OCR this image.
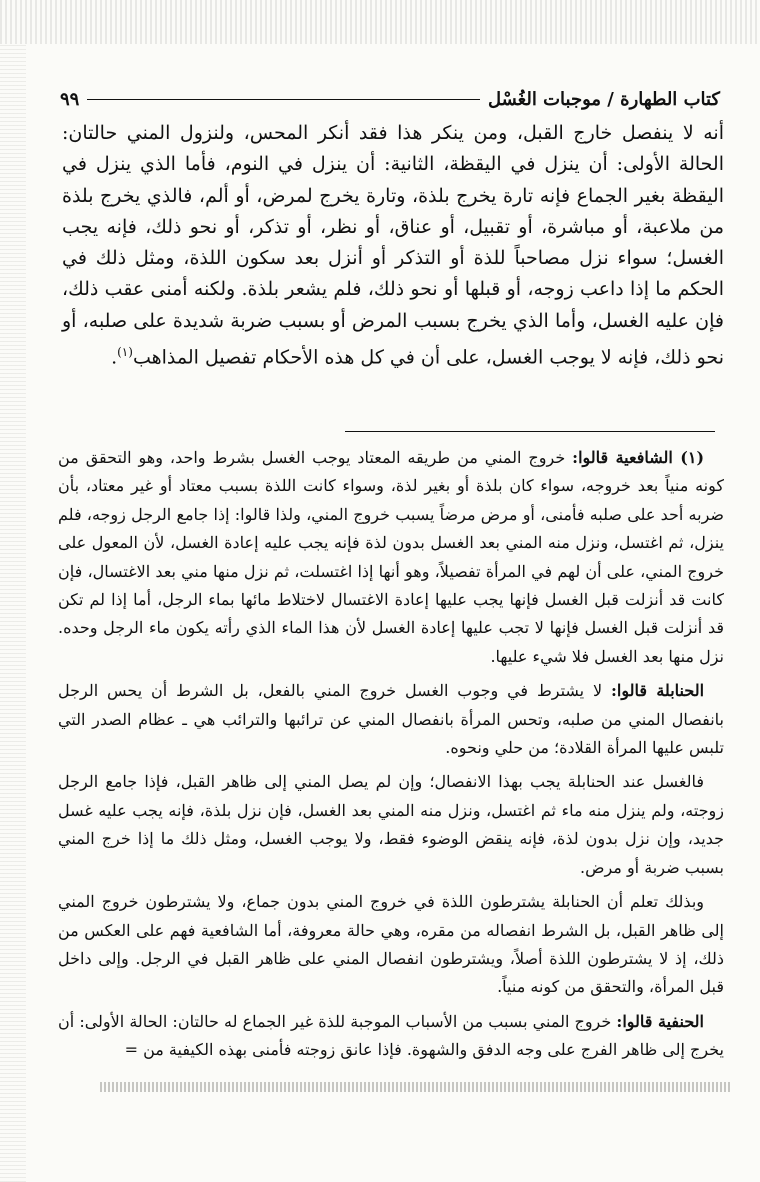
كتاب الطهارة / موجبات الغُسْل
٩٩

أنه لا ينفصل خارج القبل، ومن ينكر هذا فقد أنكر المحس، ولنزول المني حالتان: الحالة الأولى: أن ينزل في اليقظة، الثانية: أن ينزل في النوم، فأما الذي ينزل في اليقظة بغير الجماع فإنه تارة يخرج بلذة، وتارة يخرج لمرض، أو ألم، فالذي يخرج بلذة من ملاعبة، أو مباشرة، أو تقبيل، أو عناق، أو نظر، أو تذكر، أو نحو ذلك، فإنه يجب الغسل؛ سواء نزل مصاحباً للذة أو التذكر أو أنزل بعد سكون اللذة، ومثل ذلك في الحكم ما إذا داعب زوجه، أو قبلها أو نحو ذلك، فلم يشعر بلذة. ولكنه أمنى عقب ذلك، فإن عليه الغسل، وأما الذي يخرج بسبب المرض أو بسبب ضربة شديدة على صلبه، أو نحو ذلك، فإنه لا يوجب الغسل، على أن في كل هذه الأحكام تفصيل المذاهب$^{(١)}$.

(١) الشافعية قالوا: خروج المني من طريقه المعتاد يوجب الغسل بشرط واحد، وهو التحقق من كونه منياً بعد خروجه، سواء كان بلذة أو بغير لذة، وسواء كانت اللذة بسبب معتاد أو غير معتاد، بأن ضربه أحد على صلبه فأمنى، أو مرض مرضاً يسبب خروج المني، ولذا قالوا: إذا جامع الرجل زوجه، فلم ينزل، ثم اغتسل، ونزل منه المني بعد الغسل بدون لذة فإنه يجب عليه إعادة الغسل، لأن المعول على خروج المني، على أن لهم في المرأة تفصيلاً، وهو أنها إذا اغتسلت، ثم نزل منها مني بعد الاغتسال، فإن كانت قد أنزلت قبل الغسل فإنها يجب عليها إعادة الاغتسال لاختلاط مائها بماء الرجل، أما إذا لم تكن قد أنزلت قبل الغسل فإنها لا تجب عليها إعادة الغسل لأن هذا الماء الذي رأته يكون ماء الرجل وحده. نزل منها بعد الغسل فلا شيء عليها.

الحنابلة قالوا: لا يشترط في وجوب الغسل خروج المني بالفعل، بل الشرط أن يحس الرجل بانفصال المني من صلبه، وتحس المرأة بانفصال المني عن ترائبها والترائب هي ـ عظام الصدر التي تلبس عليها المرأة القلادة؛ من حلي ونحوه.

فالغسل عند الحنابلة يجب بهذا الانفصال؛ وإن لم يصل المني إلى ظاهر القبل، فإذا جامع الرجل زوجته، ولم ينزل منه ماء ثم اغتسل، ونزل منه المني بعد الغسل، فإن نزل بلذة، فإنه يجب عليه غسل جديد، وإن نزل بدون لذة، فإنه ينقض الوضوء فقط، ولا يوجب الغسل، ومثل ذلك ما إذا خرج المني بسبب ضربة أو مرض.

وبذلك تعلم أن الحنابلة يشترطون اللذة في خروج المني بدون جماع، ولا يشترطون خروج المني إلى ظاهر القبل، بل الشرط انفصاله من مقره، وهي حالة معروفة، أما الشافعية فهم على العكس من ذلك، إذ لا يشترطون اللذة أصلاً، ويشترطون انفصال المني على ظاهر القبل في الرجل. وإلى داخل قبل المرأة، والتحقق من كونه منياً.

الحنفية قالوا: خروج المني بسبب من الأسباب الموجبة للذة غير الجماع له حالتان: الحالة الأولى: أن يخرج إلى ظاهر الفرج على وجه الدفق والشهوة. فإذا عانق زوجته فأمنى بهذه الكيفية من =
